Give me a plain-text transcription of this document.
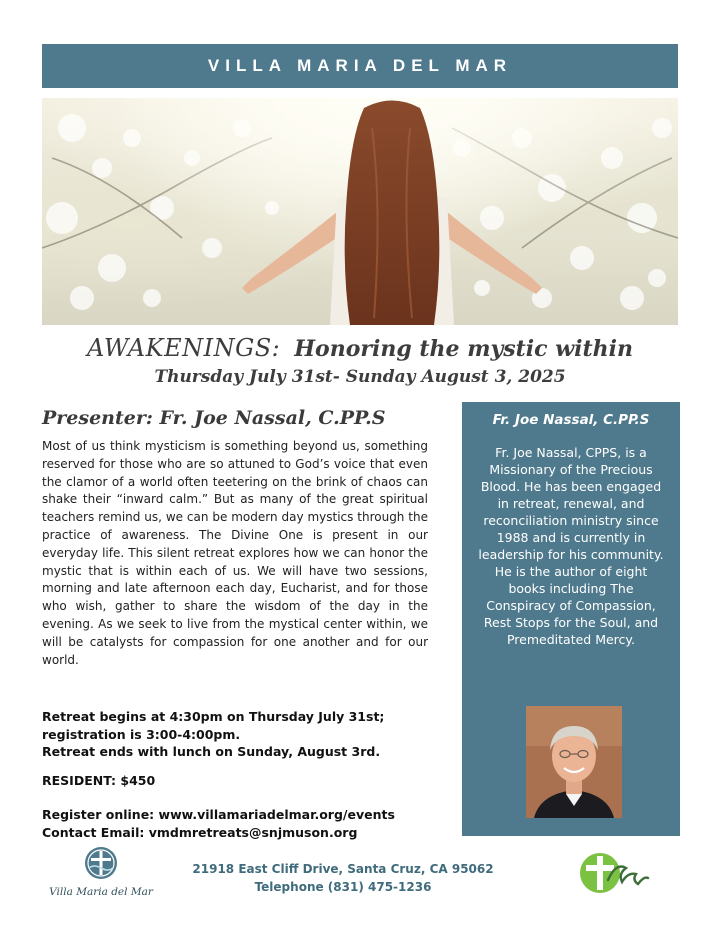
VILLA MARIA DEL MAR
AWAKENINGS: Honoring the mystic within
Thursday July 31st- Sunday August 3, 2025
Presenter: Fr. Joe Nassal, C.PP.S
Most of us think mysticism is something beyond us, something reserved for those who are so attuned to God’s voice that even the clamor of a world often teetering on the brink of chaos can shake their “inward calm.” But as many of the great spiritual teachers remind us, we can be modern day mystics through the practice of awareness. The Divine One is present in our everyday life. This silent retreat explores how we can honor the mystic that is within each of us. We will have two sessions, morning and late afternoon each day, Eucharist, and for those who wish, gather to share the wisdom of the day in the evening. As we seek to live from the mystical center within, we will be catalysts for compassion for one another and for our world.
Retreat begins at 4:30pm on Thursday July 31st;
registration is 3:00-4:00pm.
Retreat ends with lunch on Sunday, August 3rd.
RESIDENT: $450
Register online: www.villamariadelmar.org/events
Contact Email: vmdmretreats@snjmuson.org
Fr. Joe Nassal, C.PP.S
Fr. Joe Nassal, CPPS, is a Missionary of the Precious Blood. He has been engaged in retreat, renewal, and reconciliation ministry since 1988 and is currently in leadership for his community. He is the author of eight books including The Conspiracy of Compassion, Rest Stops for the Soul, and Premeditated Mercy.
Villa Maria del Mar
21918 East Cliff Drive, Santa Cruz, CA 95062
Telephone (831) 475-1236
